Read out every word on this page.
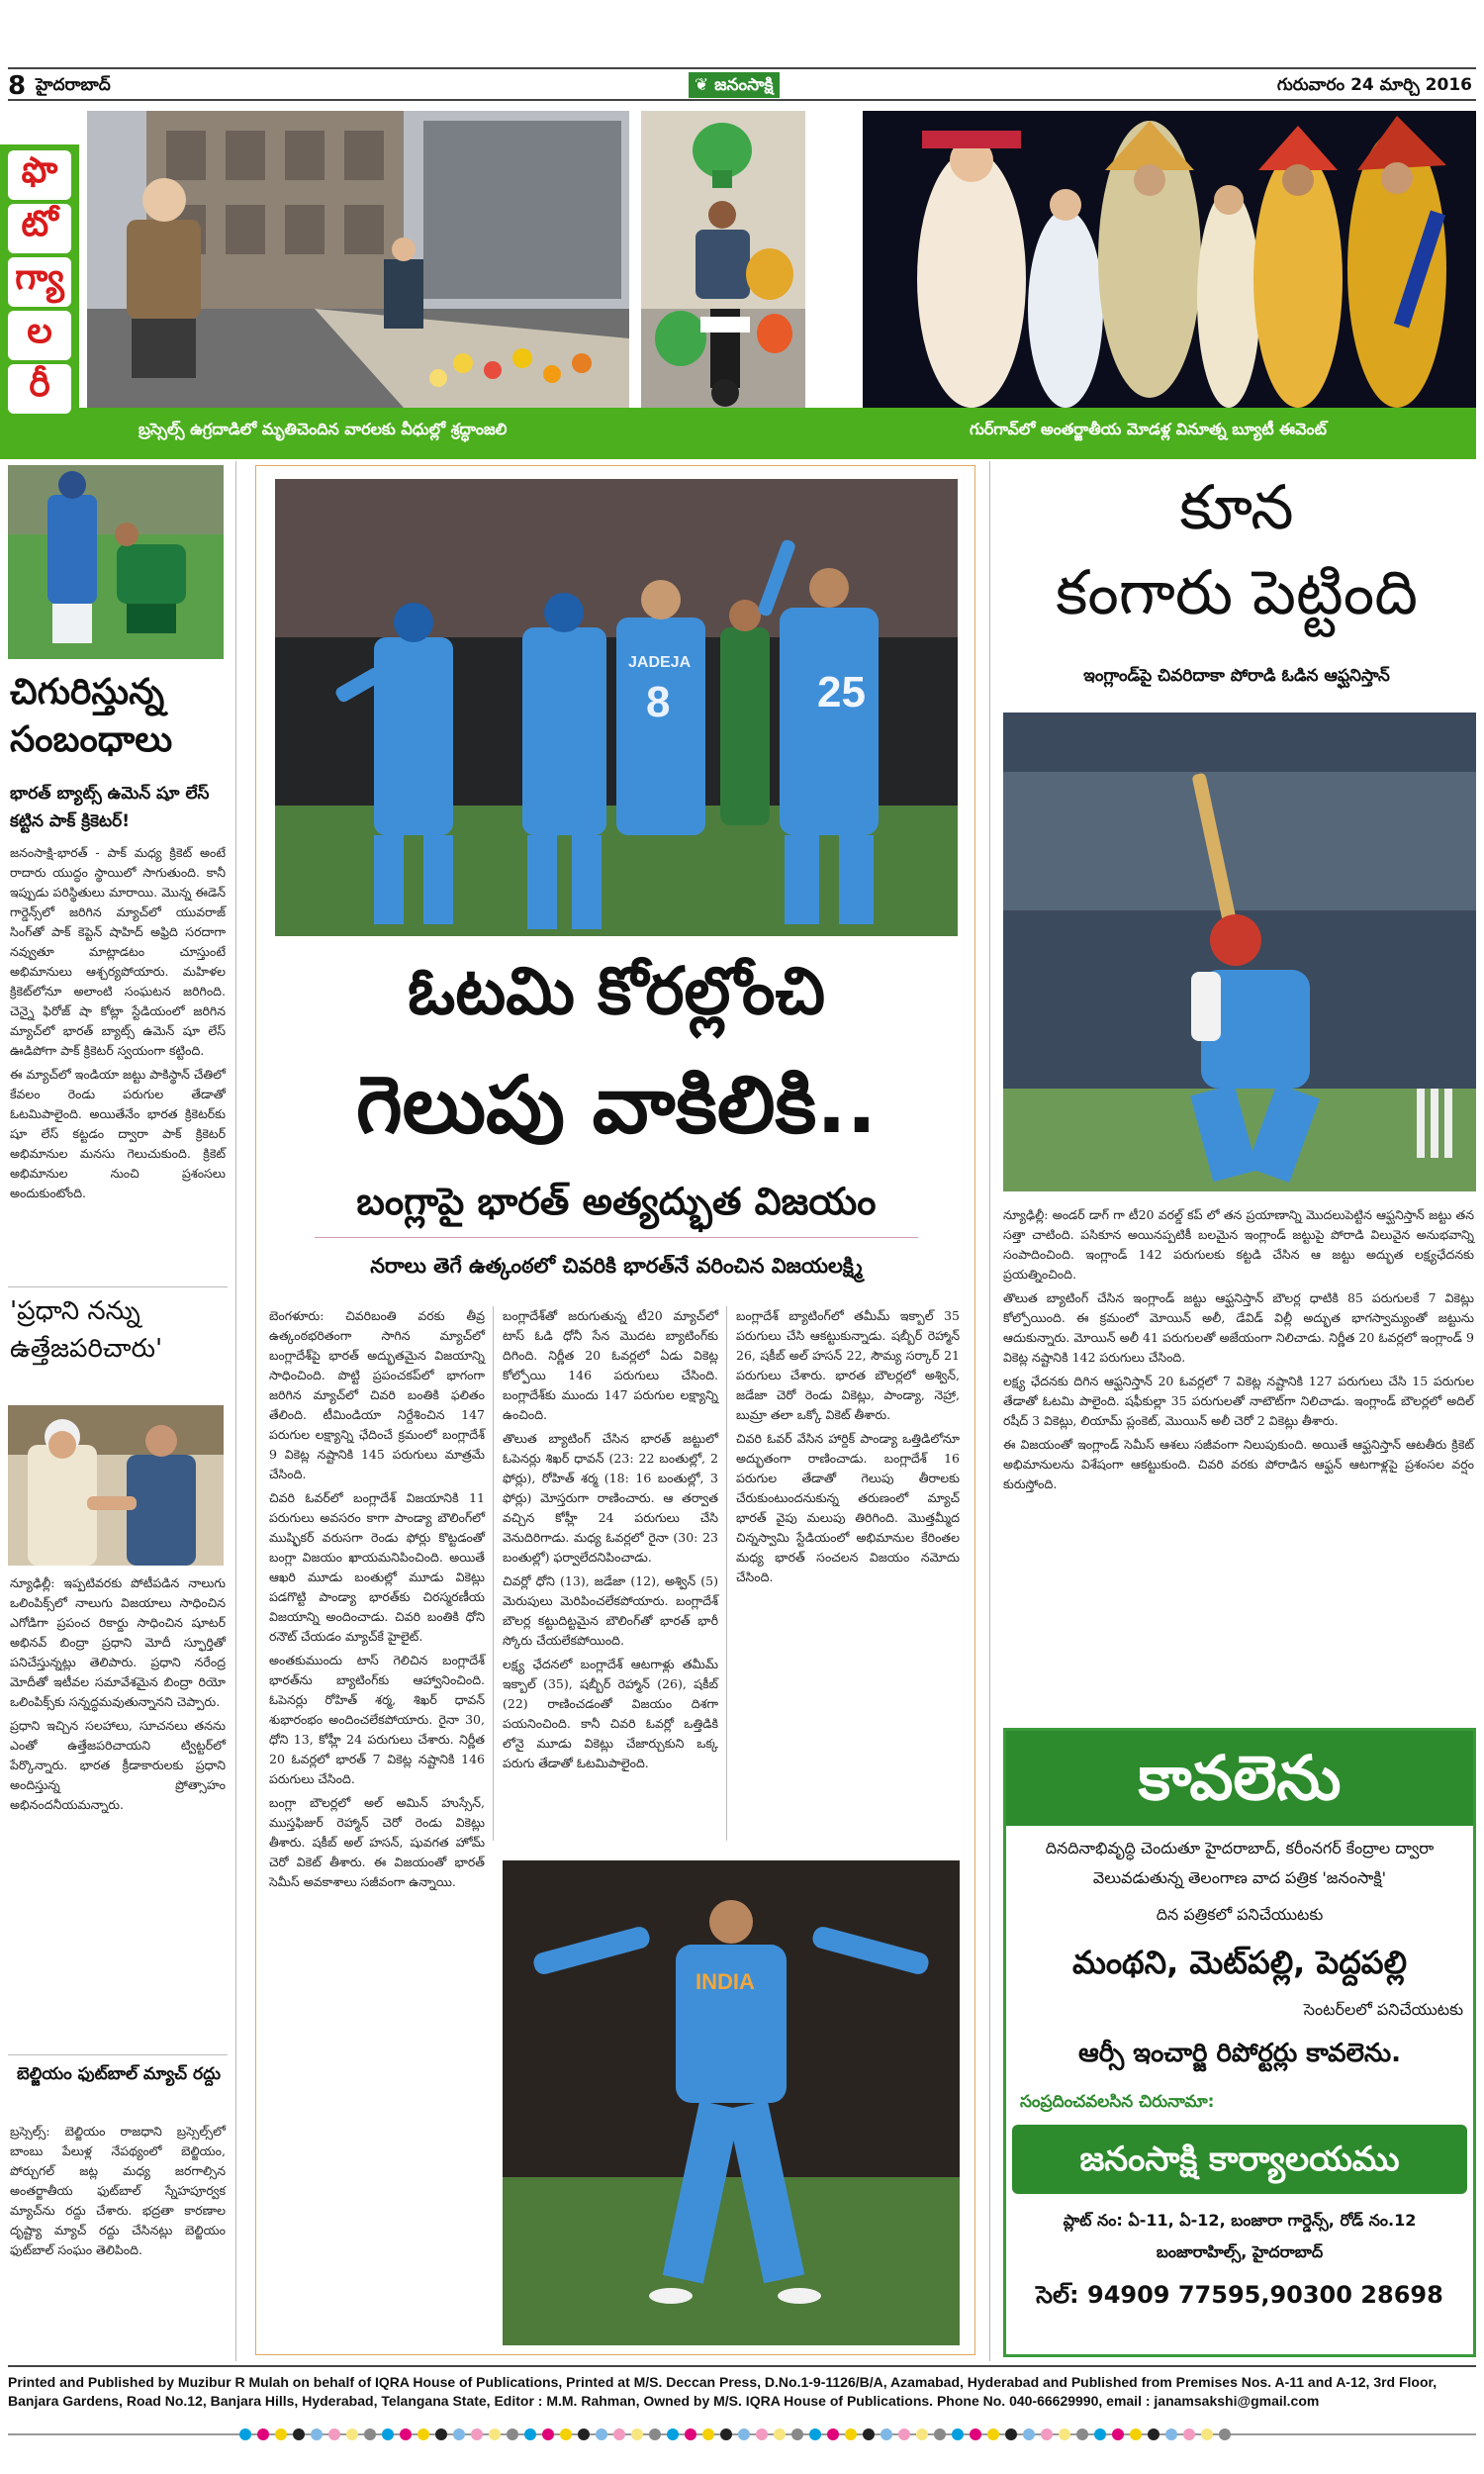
8 హైదరాబాద్	❦ జనంసాక్షి	గురువారం 24 మార్చి 2016
ఫొ
టో
గ్యా
ల
రీ
బ్రస్సెల్స్ ఉగ్రదాడిలో మృతిచెందిన వారలకు వీధుల్లో శ్రద్ధాంజలి	గుర్‌గావ్‌లో అంతర్జాతీయ మోడళ్ల వినూత్న బ్యూటీ ఈవెంట్
చిగురిస్తున్న సంబంధాలు
భారత్ బ్యాట్స్ ఉమెన్ షూ లేస్ కట్టిన పాక్ క్రికెటర్!

జనంసాక్షి-భారత్ - పాక్ మధ్య క్రికెట్ అంటే రాదారు యుద్ధం స్థాయిలో సాగుతుంది. కానీ ఇప్పుడు పరిస్థితులు మారాయి. మొన్న ఈడెన్ గార్డెన్స్‌లో జరిగిన మ్యాచ్‌లో యువరాజ్ సింగ్‌తో పాక్ కెప్టెన్ షాహిద్ అఫ్రిది సరదాగా నవ్వుతూ మాట్లాడటం చూస్తుంటే అభిమానులు ఆశ్చర్యపోయారు. మహిళల క్రికెట్‌లోనూ అలాంటి సంఘటన జరిగింది. చెన్నై ఫిరోజ్ షా కోట్లా స్టేడియంలో జరిగిన మ్యాచ్‌లో భారత్ బ్యాట్స్ ఉమెన్ షూ లేస్ ఊడిపోగా పాక్ క్రికెటర్ స్వయంగా కట్టింది.

ఈ మ్యాచ్‌లో ఇండియా జట్టు పాకిస్థాన్‌ చేతిలో కేవలం రెండు పరుగుల తేడాతో ఓటమిపాలైంది. అయితేనేం భారత క్రికెటర్‌కు షూ లేస్ కట్టడం ద్వారా పాక్ క్రికెటర్ అభిమానుల మనసు గెలుచుకుంది. క్రికెట్ అభిమానుల నుంచి ప్రశంసలు అందుకుంటోంది.

'ప్రధాని నన్ను ఉత్తేజపరిచారు'

న్యూఢిల్లీ: ఇప్పటివరకు పోటీపడిన నాలుగు ఒలింపిక్స్‌లో నాలుగు విజయాలు సాధించిన ఎగోడిగా ప్రపంచ రికార్డు సాధించిన షూటర్ అభినవ్ బింద్రా ప్రధాని మోదీ స్ఫూర్తితో పనిచేస్తున్నట్లు తెలిపారు. ప్రధాని నరేంద్ర మోదీతో ఇటీవల సమావేశమైన బింద్రా రియో ఒలింపిక్స్‌కు సన్నద్ధమవుతున్నానని చెప్పారు.

ప్రధాని ఇచ్చిన సలహాలు, సూచనలు తనను ఎంతో ఉత్తేజపరిచాయని ట్విట్టర్‌లో పేర్కొన్నారు. భారత క్రీడాకారులకు ప్రధాని అందిస్తున్న ప్రోత్సాహం అభినందనీయమన్నారు.

బెల్జియం ఫుట్‌బాల్ మ్యాచ్ రద్దు

బ్రస్సెల్స్: బెల్జియం రాజధాని బ్రస్సెల్స్‌లో బాంబు పేలుళ్ల నేపథ్యంలో బెల్జియం, పోర్చుగల్ జట్ల మధ్య జరగాల్సిన అంతర్జాతీయ ఫుట్‌బాల్ స్నేహపూర్వక మ్యాచ్‌ను రద్దు చేశారు. భద్రతా కారణాల దృష్ట్యా మ్యాచ్ రద్దు చేసినట్లు బెల్జియం ఫుట్‌బాల్ సంఘం తెలిపింది.

JADEJA
8	25
ఓటమి కోరల్లోంచి
గెలుపు వాకిలికి..
బంగ్లాపై భారత్ అత్యద్భుత విజయం
నరాలు తెగే ఉత్కంఠలో చివరికి భారత్‌నే వరించిన విజయలక్ష్మి

బెంగళూరు: చివరిబంతి వరకు తీవ్ర ఉత్కంఠభరితంగా సాగిన మ్యాచ్‌లో బంగ్లాదేశ్‌పై భారత్ అద్భుతమైన విజయాన్ని సాధించింది. పొట్టి ప్రపంచకప్‌లో భాగంగా జరిగిన మ్యాచ్‌లో చివరి బంతికి ఫలితం తేలింది. టీమిండియా నిర్దేశించిన 147 పరుగుల లక్ష్యాన్ని ఛేదించే క్రమంలో బంగ్లాదేశ్ 9 వికెట్ల నష్టానికి 145 పరుగులు మాత్రమే చేసింది.

చివరి ఓవర్‌లో బంగ్లాదేశ్ విజయానికి 11 పరుగులు అవసరం కాగా పాండ్యా బౌలింగ్‌లో ముష్ఫికర్ వరుసగా రెండు ఫోర్లు కొట్టడంతో బంగ్లా విజయం ఖాయమనిపించింది. అయితే ఆఖరి మూడు బంతుల్లో మూడు వికెట్లు పడగొట్టి పాండ్యా భారత్‌కు చిరస్మరణీయ విజయాన్ని అందించాడు. చివరి బంతికి ధోని రనౌట్ చేయడం మ్యాచ్‌కే హైలైట్.

అంతకుముందు టాస్ గెలిచిన బంగ్లాదేశ్ భారత్‌ను బ్యాటింగ్‌కు ఆహ్వానించింది. ఓపెనర్లు రోహిత్ శర్మ, శిఖర్ ధావన్ శుభారంభం అందించలేకపోయారు. రైనా 30, ధోని 13, కోహ్లీ 24 పరుగులు చేశారు. నిర్ణీత 20 ఓవర్లలో భారత్ 7 వికెట్ల నష్టానికి 146 పరుగులు చేసింది.

బంగ్లా బౌలర్లలో అల్ అమిన్ హుస్సేన్, ముస్తఫిజుర్ రెహ్మాన్ చెరో రెండు వికెట్లు తీశారు. షకీబ్ అల్ హసన్, షువగత హోమ్ చెరో వికెట్ తీశారు. ఈ విజయంతో భారత్ సెమీస్ అవకాశాలు సజీవంగా ఉన్నాయి.

బంగ్లాదేశ్‌తో జరుగుతున్న టీ20 మ్యాచ్‌లో టాస్ ఓడి ధోనీ సేన మొదట బ్యాటింగ్‌కు దిగింది. నిర్ణీత 20 ఓవర్లలో ఏడు వికెట్ల కోల్పోయి 146 పరుగులు చేసింది. బంగ్లాదేశ్‌కు ముందు 147 పరుగుల లక్ష్యాన్ని ఉంచింది.

తొలుత బ్యాటింగ్ చేసిన భారత్ జట్టులో ఓపెనర్లు శిఖర్ ధావన్ (23: 22 బంతుల్లో, 2 ఫోర్లు), రోహిత్ శర్మ (18: 16 బంతుల్లో, 3 ఫోర్లు) మోస్తరుగా రాణించారు. ఆ తర్వాత వచ్చిన కోహ్లీ 24 పరుగులు చేసి వెనుదిరిగాడు. మధ్య ఓవర్లలో రైనా (30: 23 బంతుల్లో) ఫర్వాలేదనిపించాడు.

చివర్లో ధోని (13), జడేజా (12), అశ్విన్ (5) మెరుపులు మెరిపించలేకపోయారు. బంగ్లాదేశ్ బౌలర్ల కట్టుదిట్టమైన బౌలింగ్‌తో భారత్ భారీ స్కోరు చేయలేకపోయింది.

లక్ష్య ఛేదనలో బంగ్లాదేశ్ ఆటగాళ్లు తమీమ్ ఇక్బాల్ (35), షబ్బీర్ రెహ్మాన్ (26), షకీబ్ (22) రాణించడంతో విజయం దిశగా పయనించింది. కానీ చివరి ఓవర్లో ఒత్తిడికి లోనై మూడు వికెట్లు చేజార్చుకుని ఒక్క పరుగు తేడాతో ఓటమిపాలైంది.

బంగ్లాదేశ్ బ్యాటింగ్‌లో తమీమ్ ఇక్బాల్ 35 పరుగులు చేసి ఆకట్టుకున్నాడు. షబ్బీర్ రెహ్మాన్ 26, షకీబ్ అల్ హసన్ 22, సౌమ్య సర్కార్ 21 పరుగులు చేశారు. భారత బౌలర్లలో అశ్విన్, జడేజా చెరో రెండు వికెట్లు, పాండ్యా, నెహ్రా, బుమ్రా తలా ఒక్కో వికెట్ తీశారు.

చివరి ఓవర్ వేసిన హార్దిక్ పాండ్యా ఒత్తిడిలోనూ అద్భుతంగా రాణించాడు. బంగ్లాదేశ్ 16 పరుగుల తేడాతో గెలుపు తీరాలకు చేరుకుంటుందనుకున్న తరుణంలో మ్యాచ్ భారత్ వైపు మలుపు తిరిగింది. మొత్తమ్మీద చిన్నస్వామి స్టేడియంలో అభిమానుల కేరింతల మధ్య భారత్ సంచలన విజయం నమోదు చేసింది.

INDIA
కూన
కంగారు పెట్టింది
ఇంగ్లాండ్‌పై చివరిదాకా పోరాడి ఓడిన ఆఫ్ఘనిస్తాన్

న్యూఢిల్లీ: అండర్ డాగ్ గా టీ20 వరల్డ్ కప్ లో తన ప్రయాణాన్ని మొదలుపెట్టిన ఆఫ్ఘనిస్తాన్ జట్టు తన సత్తా చాటింది. పసికూన అయినప్పటికీ బలమైన ఇంగ్లాండ్ జట్టుపై పోరాడి విలువైన అనుభవాన్ని సంపాదించింది. ఇంగ్లాండ్ 142 పరుగులకు కట్టడి చేసిన ఆ జట్టు అద్భుత లక్ష్యఛేదనకు ప్రయత్నించింది.

తొలుత బ్యాటింగ్ చేసిన ఇంగ్లాండ్ జట్టు ఆఫ్ఘనిస్తాన్ బౌలర్ల ధాటికి 85 పరుగులకే 7 వికెట్లు కోల్పోయింది. ఈ క్రమంలో మోయిన్ అలీ, డేవిడ్ విల్లీ అద్భుత భాగస్వామ్యంతో జట్టును ఆదుకున్నారు. మోయిన్ అలీ 41 పరుగులతో అజేయంగా నిలిచాడు. నిర్ణీత 20 ఓవర్లలో ఇంగ్లాండ్ 9 వికెట్ల నష్టానికి 142 పరుగులు చేసింది.

లక్ష్య ఛేదనకు దిగిన ఆఫ్ఘనిస్తాన్ 20 ఓవర్లలో 7 వికెట్ల నష్టానికి 127 పరుగులు చేసి 15 పరుగుల తేడాతో ఓటమి పాలైంది. షఫీకుల్లా 35 పరుగులతో నాటౌట్‌గా నిలిచాడు. ఇంగ్లాండ్ బౌలర్లలో అదిల్ రషీద్ 3 వికెట్లు, లియామ్ ప్లంకెట్, మొయిన్ అలీ చెరో 2 వికెట్లు తీశారు.

ఈ విజయంతో ఇంగ్లాండ్ సెమీస్ ఆశలు సజీవంగా నిలుపుకుంది. అయితే ఆఫ్ఘనిస్తాన్ ఆటతీరు క్రికెట్ అభిమానులను విశేషంగా ఆకట్టుకుంది. చివరి వరకు పోరాడిన ఆఫ్ఘన్ ఆటగాళ్లపై ప్రశంసల వర్షం కురుస్తోంది.

కావలెను
దినదినాభివృద్ధి చెందుతూ హైదరాబాద్, కరీంనగర్ కేంద్రాల ద్వారా వెలువడుతున్న తెలంగాణ వాద పత్రిక 'జనంసాక్షి'
దిన పత్రికలో పనిచేయుటకు
మంథని, మెట్‌పల్లి, పెద్దపల్లి
సెంటర్‌లలో పనిచేయుటకు
ఆర్సీ ఇంచార్జి రిపోర్టర్లు కావలెను.
సంప్రదించవలసిన చిరునామా:
జనంసాక్షి కార్యాలయము
ప్లాట్ నం: ఏ-11, ఏ-12, బంజారా గార్డెన్స్, రోడ్ నం.12
బంజారాహిల్స్, హైదరాబాద్
సెల్: 94909 77595,90300 28698
Printed and Published by Muzibur R Mulah on behalf of IQRA House of Publications, Printed at M/S. Deccan Press, D.No.1-9-1126/B/A, Azamabad, Hyderabad and Published from Premises Nos. A-11 and A-12, 3rd Floor, Banjara Gardens, Road No.12, Banjara Hills, Hyderabad, Telangana State, Editor : M.M. Rahman, Owned by M/S. IQRA House of Publications. Phone No. 040-66629990, email : janamsakshi@gmail.com
